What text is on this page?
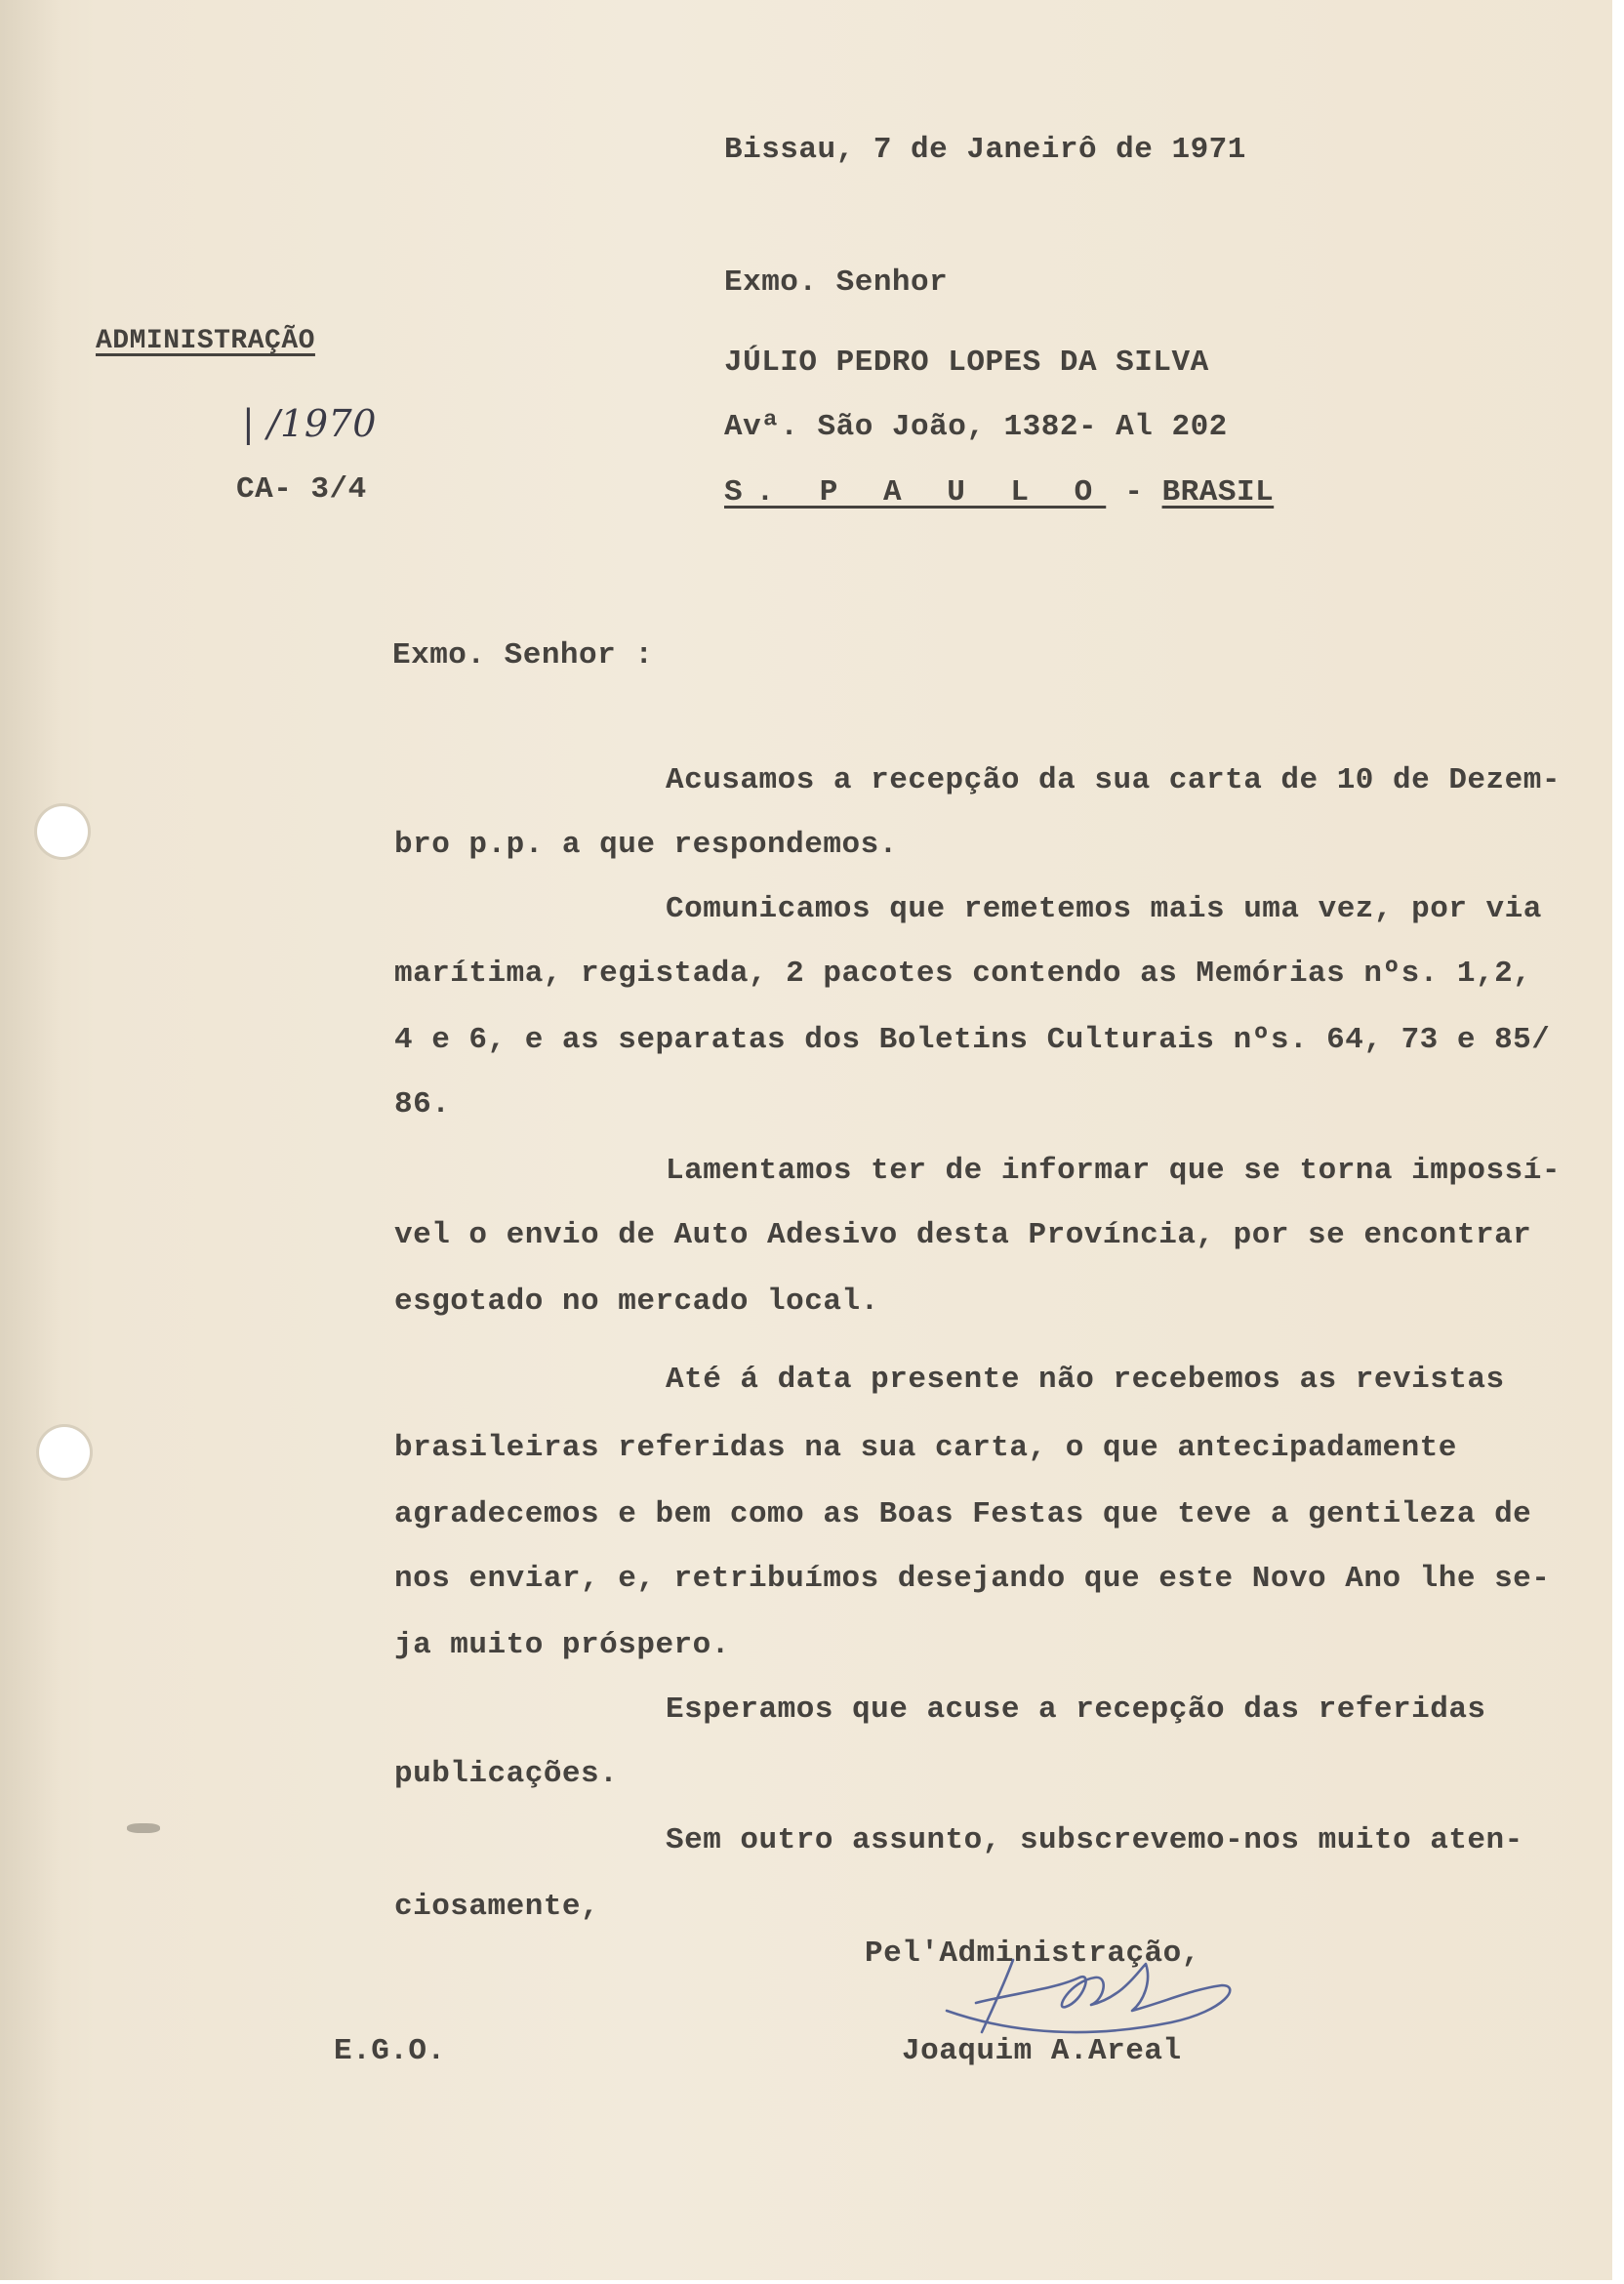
Bissau, 7 de Janeirô de 1971
Exmo. Senhor
JÚLIO PEDRO LOPES DA SILVA
Avª. São João, 1382- Al 202
S. P A U L O - BRASIL
ADMINISTRAÇÃO
| /1970
CA- 3/4
Exmo. Senhor :
Acusamos a recepção da sua carta de 10 de Dezem-
bro p.p. a que respondemos.
Comunicamos que remetemos mais uma vez, por via
marítima, registada, 2 pacotes contendo as Memórias nºs. 1,2,
4 e 6, e as separatas dos Boletins Culturais nºs. 64, 73 e 85/
86.
Lamentamos ter de informar que se torna impossí-
vel o envio de Auto Adesivo desta Província, por se encontrar
esgotado no mercado local.
Até á data presente não recebemos as revistas
brasileiras referidas na sua carta, o que antecipadamente
agradecemos e bem como as Boas Festas que teve a gentileza de
nos enviar, e, retribuímos desejando que este Novo Ano lhe se-
ja muito próspero.
Esperamos que acuse a recepção das referidas
publicações.
Sem outro assunto, subscrevemo-nos muito aten-
ciosamente,
Pel'Administração,
E.G.O.	Joaquim A.Areal
